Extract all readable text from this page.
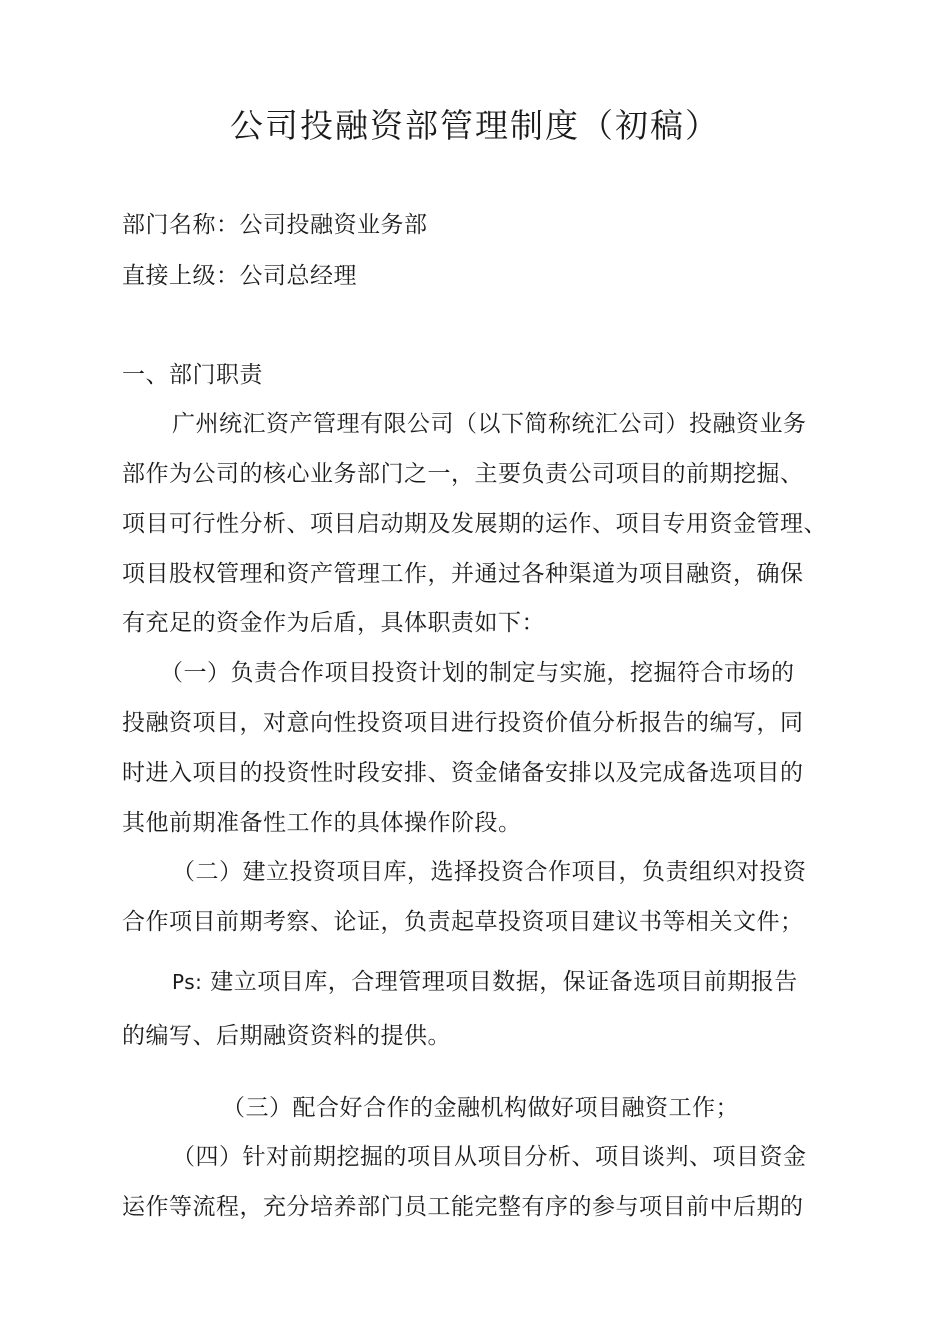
公司投融资部管理制度（初稿）
部门名称：公司投融资业务部
直接上级：公司总经理
一、部门职责
广州统汇资产管理有限公司（以下简称统汇公司）投融资业务
部作为公司的核心业务部门之一，主要负责公司项目的前期挖掘、
项目可行性分析、项目启动期及发展期的运作、项目专用资金管理、
项目股权管理和资产管理工作，并通过各种渠道为项目融资，确保
有充足的资金作为后盾，具体职责如下：
（一）负责合作项目投资计划的制定与实施，挖掘符合市场的
投融资项目，对意向性投资项目进行投资价值分析报告的编写，同
时进入项目的投资性时段安排、资金储备安排以及完成备选项目的
其他前期准备性工作的具体操作阶段。
（二）建立投资项目库，选择投资合作项目，负责组织对投资
合作项目前期考察、论证，负责起草投资项目建议书等相关文件；
Ps: 建立项目库，合理管理项目数据，保证备选项目前期报告
的编写、后期融资资料的提供。
（三）配合好合作的金融机构做好项目融资工作；
（四）针对前期挖掘的项目从项目分析、项目谈判、项目资金
运作等流程，充分培养部门员工能完整有序的参与项目前中后期的
